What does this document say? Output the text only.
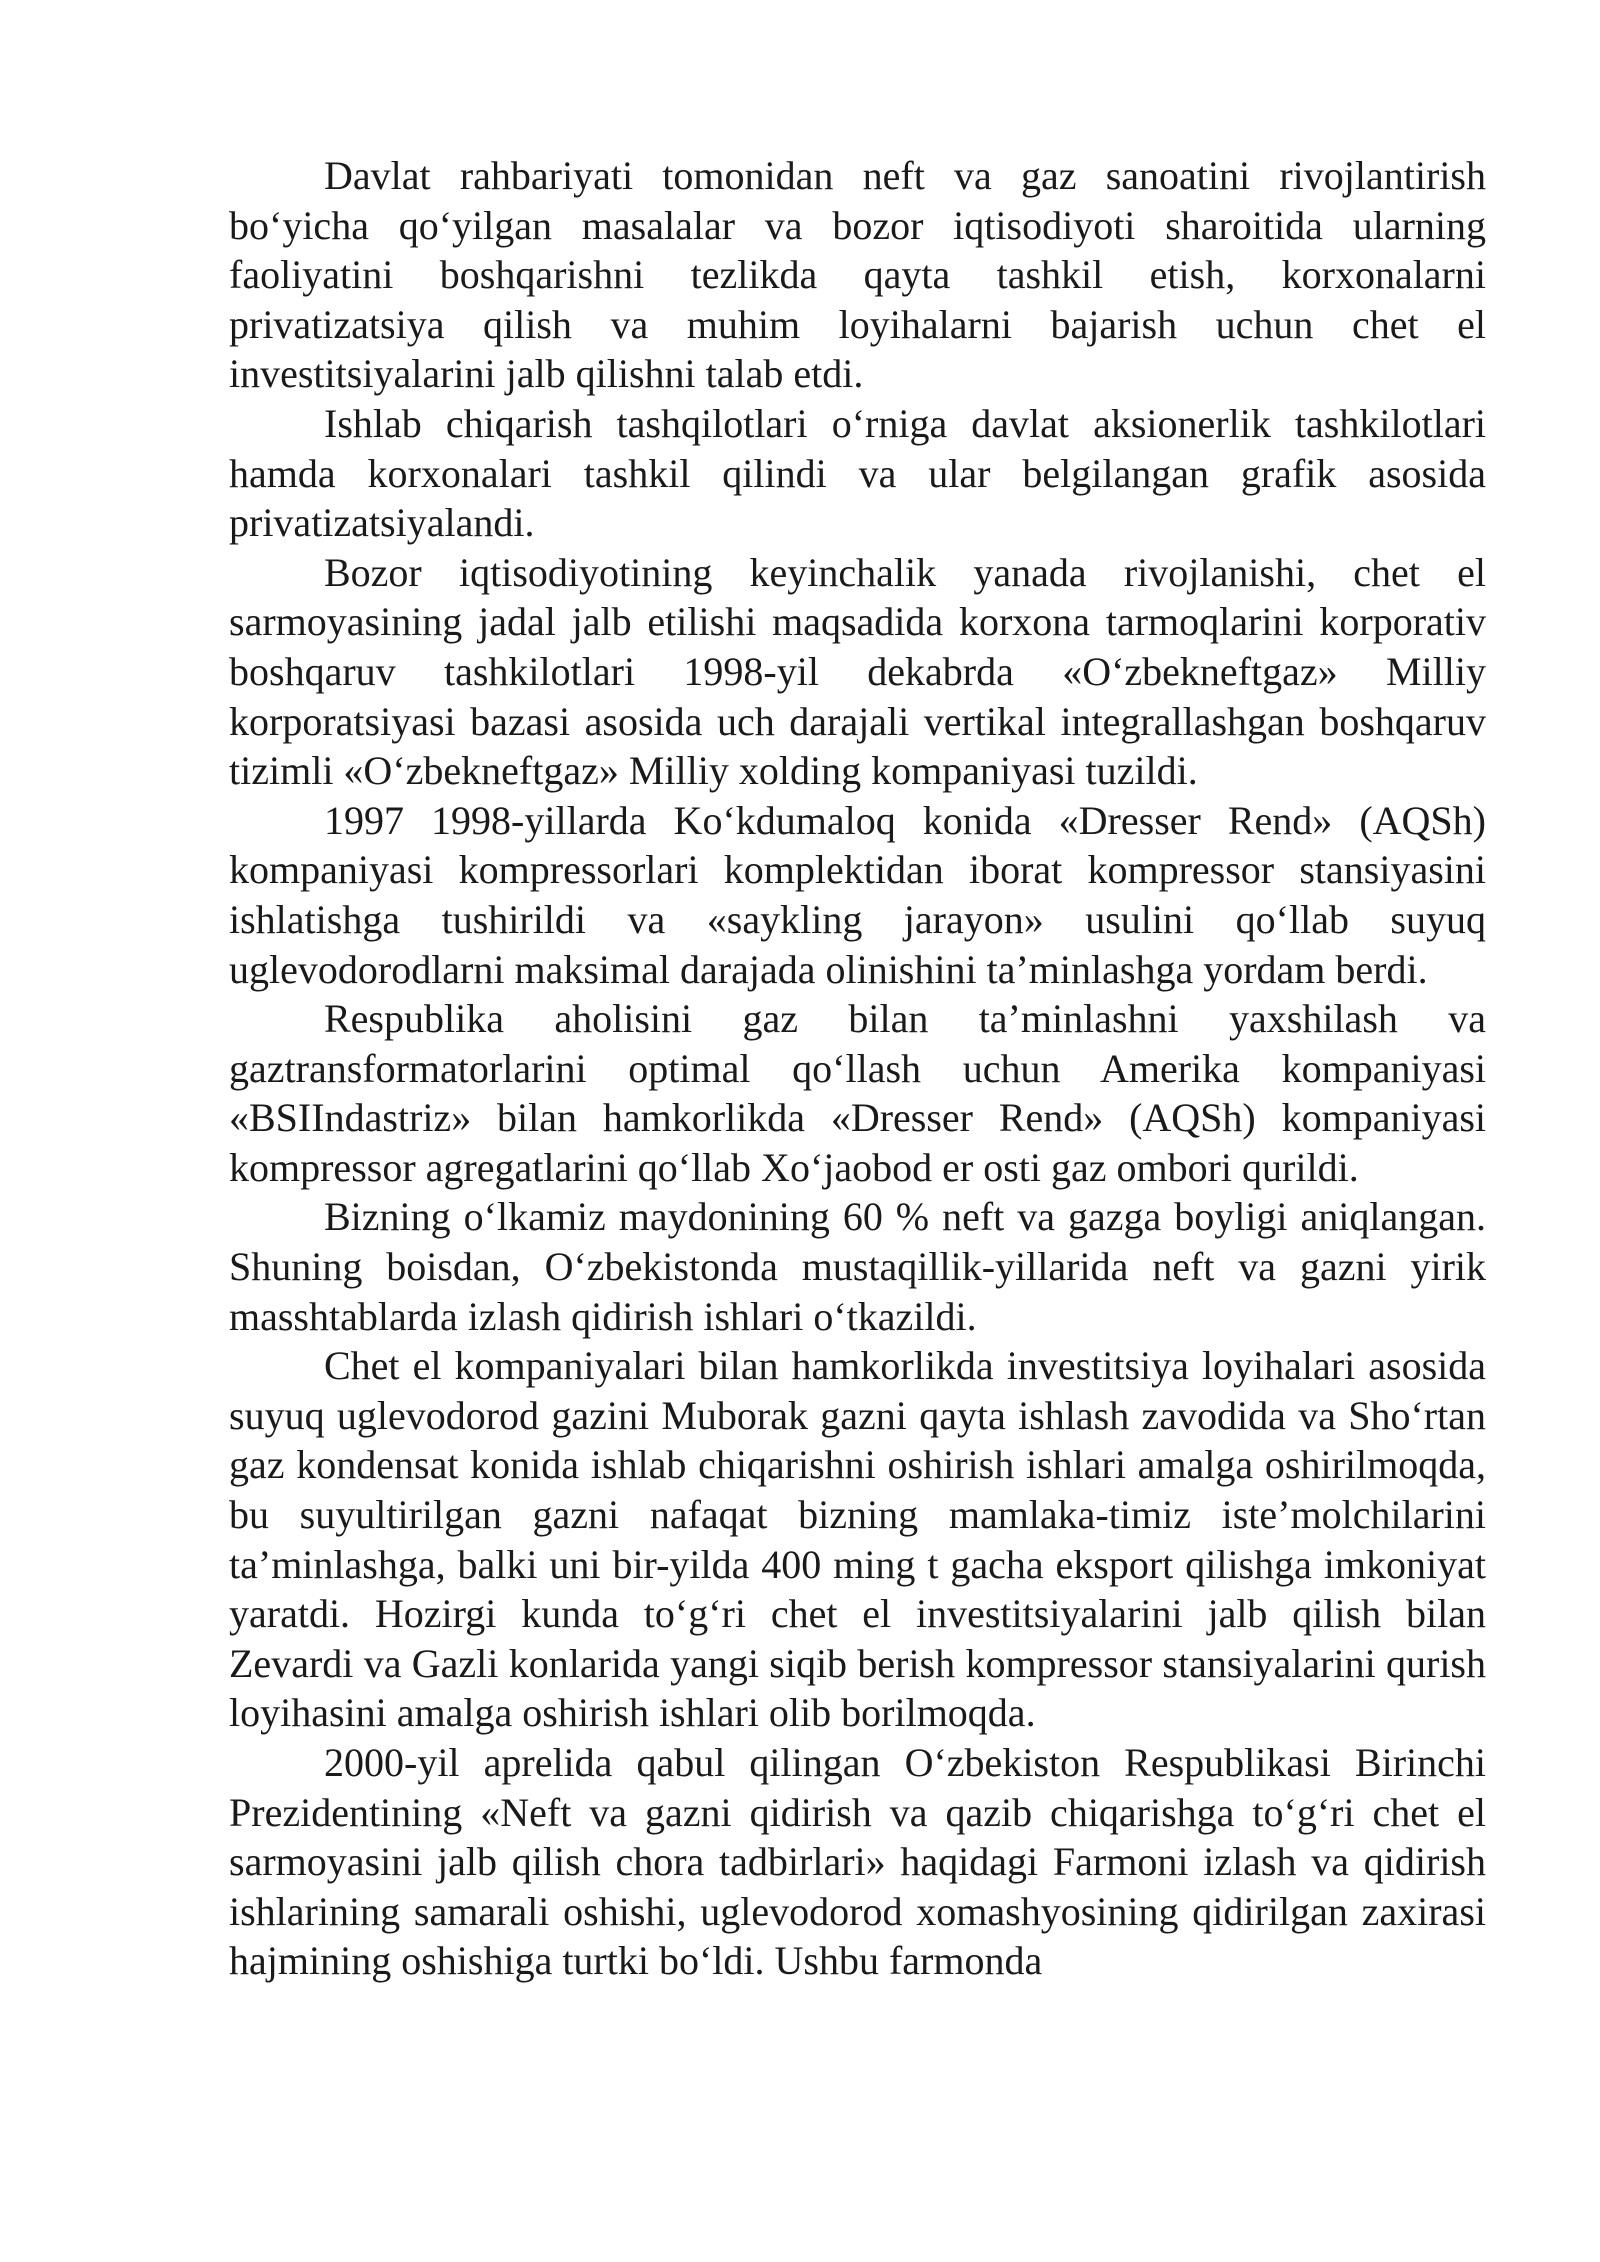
Davlat rahbariyati tomonidan neft va gaz sanoatini rivojlantirish bo‘yicha qo‘yilgan masalalar va bozor iqtisodiyoti sharoitida ularning faoliyatini boshqarishni tezlikda qayta tashkil etish, korxonalarni privatizatsiya qilish va muhim loyihalarni bajarish uchun chet el investitsiyalarini jalb qilishni talab etdi.

Ishlab chiqarish tashqilotlari o‘rniga davlat aksionerlik tashkilotlari hamda korxonalari tashkil qilindi va ular belgilangan grafik asosida privatizatsiyalandi.

Bozor iqtisodiyotining keyinchalik yanada rivojlanishi, chet el sarmoyasining jadal jalb etilishi maqsadida korxona tarmoqlarini korporativ boshqaruv tashkilotlari 1998-yil dekabrda «O‘zbekneftgaz» Milliy korporatsiyasi bazasi asosida uch darajali vertikal integrallashgan boshqaruv tizimli «O‘zbekneftgaz» Milliy xolding kompaniyasi tuzildi.

1997 1998-yillarda Ko‘kdumaloq konida «Dresser Rend» (AQSh) kompaniyasi kompressorlari komplektidan iborat kompressor stansiyasini ishlatishga tushirildi va «saykling jarayon» usulini qo‘llab suyuq uglevodorodlarni maksimal darajada olinishini ta’minlashga yordam berdi.

Respublika aholisini gaz bilan ta’minlashni yaxshilash va gaztransformatorlarini optimal qo‘llash uchun Amerika kompaniyasi «BSIIndastriz» bilan hamkorlikda «Dresser Rend» (AQSh) kompaniyasi kompressor agregatlarini qo‘llab Xo‘jaobod er osti gaz ombori qurildi.

Bizning o‘lkamiz maydonining 60 % neft va gazga boyligi aniqlangan. Shuning boisdan, O‘zbekistonda mustaqillik-yillarida neft va gazni yirik masshtablarda izlash qidirish ishlari o‘tkazildi.

Chet el kompaniyalari bilan hamkorlikda investitsiya loyihalari asosida suyuq uglevodorod gazini Muborak gazni qayta ishlash zavodida va Sho‘rtan gaz kondensat konida ishlab chiqarishni oshirish ishlari amalga oshirilmoqda, bu suyultirilgan gazni nafaqat bizning mamlaka-timiz iste’molchilarini ta’minlashga, balki uni bir-yilda 400 ming t gacha eksport qilishga imkoniyat yaratdi. Hozirgi kunda to‘g‘ri chet el investitsiyalarini jalb qilish bilan Zevardi va Gazli konlarida yangi siqib berish kompressor stansiyalarini qurish loyihasini amalga oshirish ishlari olib borilmoqda.

2000-yil aprelida qabul qilingan O‘zbekiston Respublikasi Birinchi Prezidentining «Neft va gazni qidirish va qazib chiqarishga to‘g‘ri chet el sarmoyasini jalb qilish chora tadbirlari» haqidagi Farmoni izlash va qidirish ishlarining samarali oshishi, uglevodorod xomashyosining qidirilgan zaxirasi hajmining oshishiga turtki bo‘ldi. Ushbu farmonda
